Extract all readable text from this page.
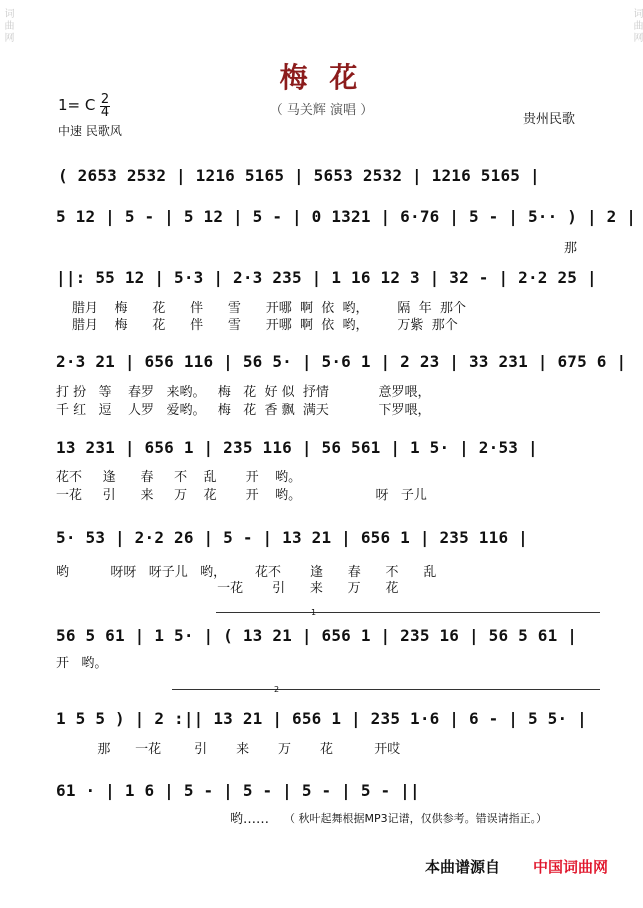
词曲网
词曲网
梅 花
（ 马关辉 演唱 ）
1= C 2
4
中速 民歌风
贵州民歌
( 2653 2532 | 1216 5165 | 5653 2532 | 1216 5165 |
5 12 | 5 - | 5 12 | 5 - | 0 1321 | 6·76 | 5 - | 5·· ) | 2 |
那
||: 55 12 | 5·3 | 2·3 235 | 1 16 12 3 | 32 - | 2·2 25 |
腊月    梅      花      伴      雪      开哪  啊  依  哟，       隔  年  那个
腊月    梅      花      伴      雪      开哪  啊  依  哟，       万紫  那个
2·3 21 | 656 116 | 56 5· | 5·6 1 | 2 23 | 33 231 | 675 6 |
打 扮   等    春罗   来哟。   梅   花  好 似  抒情            意罗喂，
千 红   逗    人罗   爱哟。   梅   花  香 飘  满天            下罗喂，
13 231 | 656 1 | 235 116 | 56 561 | 1 5· | 2·53 |
花不     逢      春     不    乱       开    哟。
一花     引      来     万    花       开    哟。                  呀   子儿
5· 53 | 2·2 26 | 5 - | 13 21 | 656 1 | 235 116 |
哟          呀呀   呀子儿   哟，       花不       逢      春      不      乱
一花       引      来      万      花
1
56 5 61 | 1 5· | ( 13 21 | 656 1 | 235 16 | 56 5 61 |
开   哟。
2
1 5 5 ) | 2 :|| 13 21 | 656 1 | 235 1·6 | 6 - | 5 5· |
那      一花        引       来       万       花          开哎
61 · | 1 6 | 5 - | 5 - | 5 - | 5 - ||
哟…… （ 秋叶起舞根据MP3记谱，仅供参考。错误请指正。）
本曲谱源自 中国词曲网
